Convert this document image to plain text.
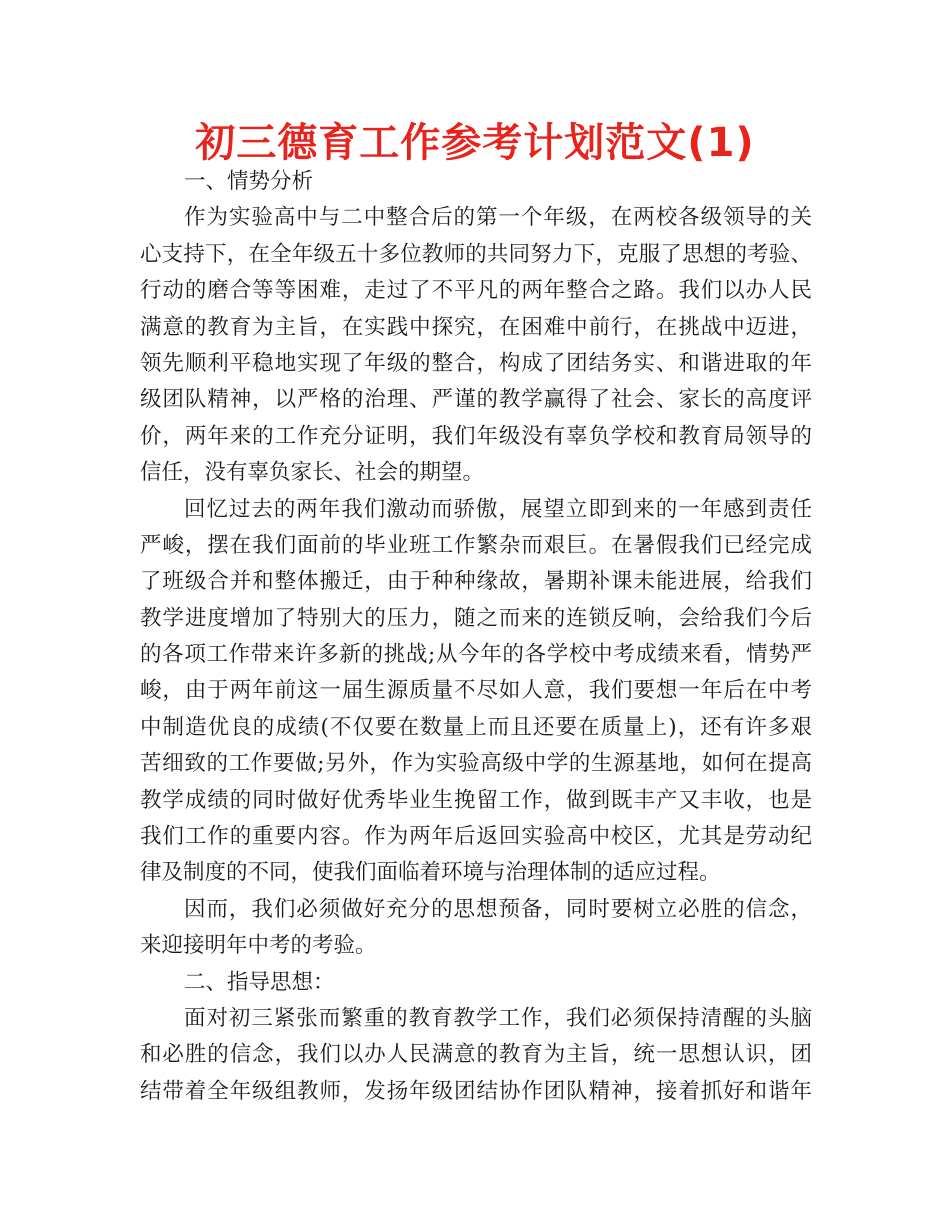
初三德育工作参考计划范文(1)
一、情势分析
作为实验高中与二中整合后的第一个年级，在两校各级领导的关
心支持下，在全年级五十多位教师的共同努力下，克服了思想的考验、
行动的磨合等等困难，走过了不平凡的两年整合之路。我们以办人民
满意的教育为主旨，在实践中探究，在困难中前行，在挑战中迈进，
领先顺利平稳地实现了年级的整合，构成了团结务实、和谐进取的年
级团队精神，以严格的治理、严谨的教学赢得了社会、家长的高度评
价，两年来的工作充分证明，我们年级没有辜负学校和教育局领导的
信任，没有辜负家长、社会的期望。
回忆过去的两年我们激动而骄傲，展望立即到来的一年感到责任
严峻，摆在我们面前的毕业班工作繁杂而艰巨。在暑假我们已经完成
了班级合并和整体搬迁，由于种种缘故，暑期补课未能进展，给我们
教学进度增加了特别大的压力，随之而来的连锁反响，会给我们今后
的各项工作带来许多新的挑战;从今年的各学校中考成绩来看，情势严
峻，由于两年前这一届生源质量不尽如人意，我们要想一年后在中考
中制造优良的成绩(不仅要在数量上而且还要在质量上)，还有许多艰
苦细致的工作要做;另外，作为实验高级中学的生源基地，如何在提高
教学成绩的同时做好优秀毕业生挽留工作，做到既丰产又丰收，也是
我们工作的重要内容。作为两年后返回实验高中校区，尤其是劳动纪
律及制度的不同，使我们面临着环境与治理体制的适应过程。
因而，我们必须做好充分的思想预备，同时要树立必胜的信念，
来迎接明年中考的考验。
二、指导思想：
面对初三紧张而繁重的教育教学工作，我们必须保持清醒的头脑
和必胜的信念，我们以办人民满意的教育为主旨，统一思想认识，团
结带着全年级组教师，发扬年级团结协作团队精神，接着抓好和谐年
